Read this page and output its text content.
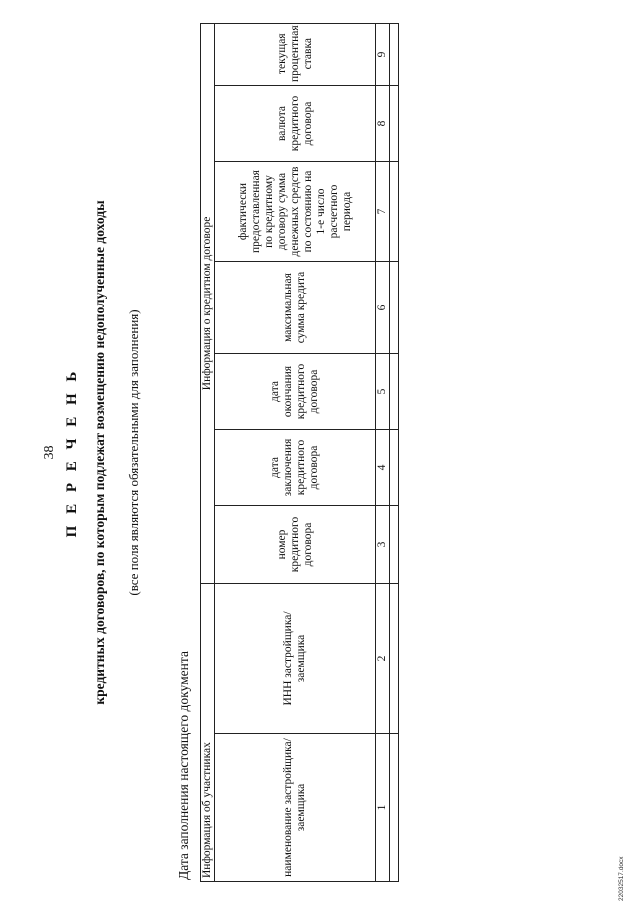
38 П Е Р Е Ч Е Н Ь кредитных договоров, по которым подлежат возмещению недополученные доходы (все поля являются обязательными для заполнения)
Дата заполнения настоящего документа Информация об участниках		Информация о кредитном договоре						
наименование застройщика/заемщика	ИНН застройщика/заемщика	номер кредитного договора	дата заключения кредитного договора	дата окончания кредитного договора	максимальная сумма кредита	фактически предоставленная по кредитному договору сумма денежных средств по состоянию на 1-е число расчетного периода	валюта кредитного договора	текущая процентная ставка
1	2	3	4	5	6	7	8	9

22032517.docx
